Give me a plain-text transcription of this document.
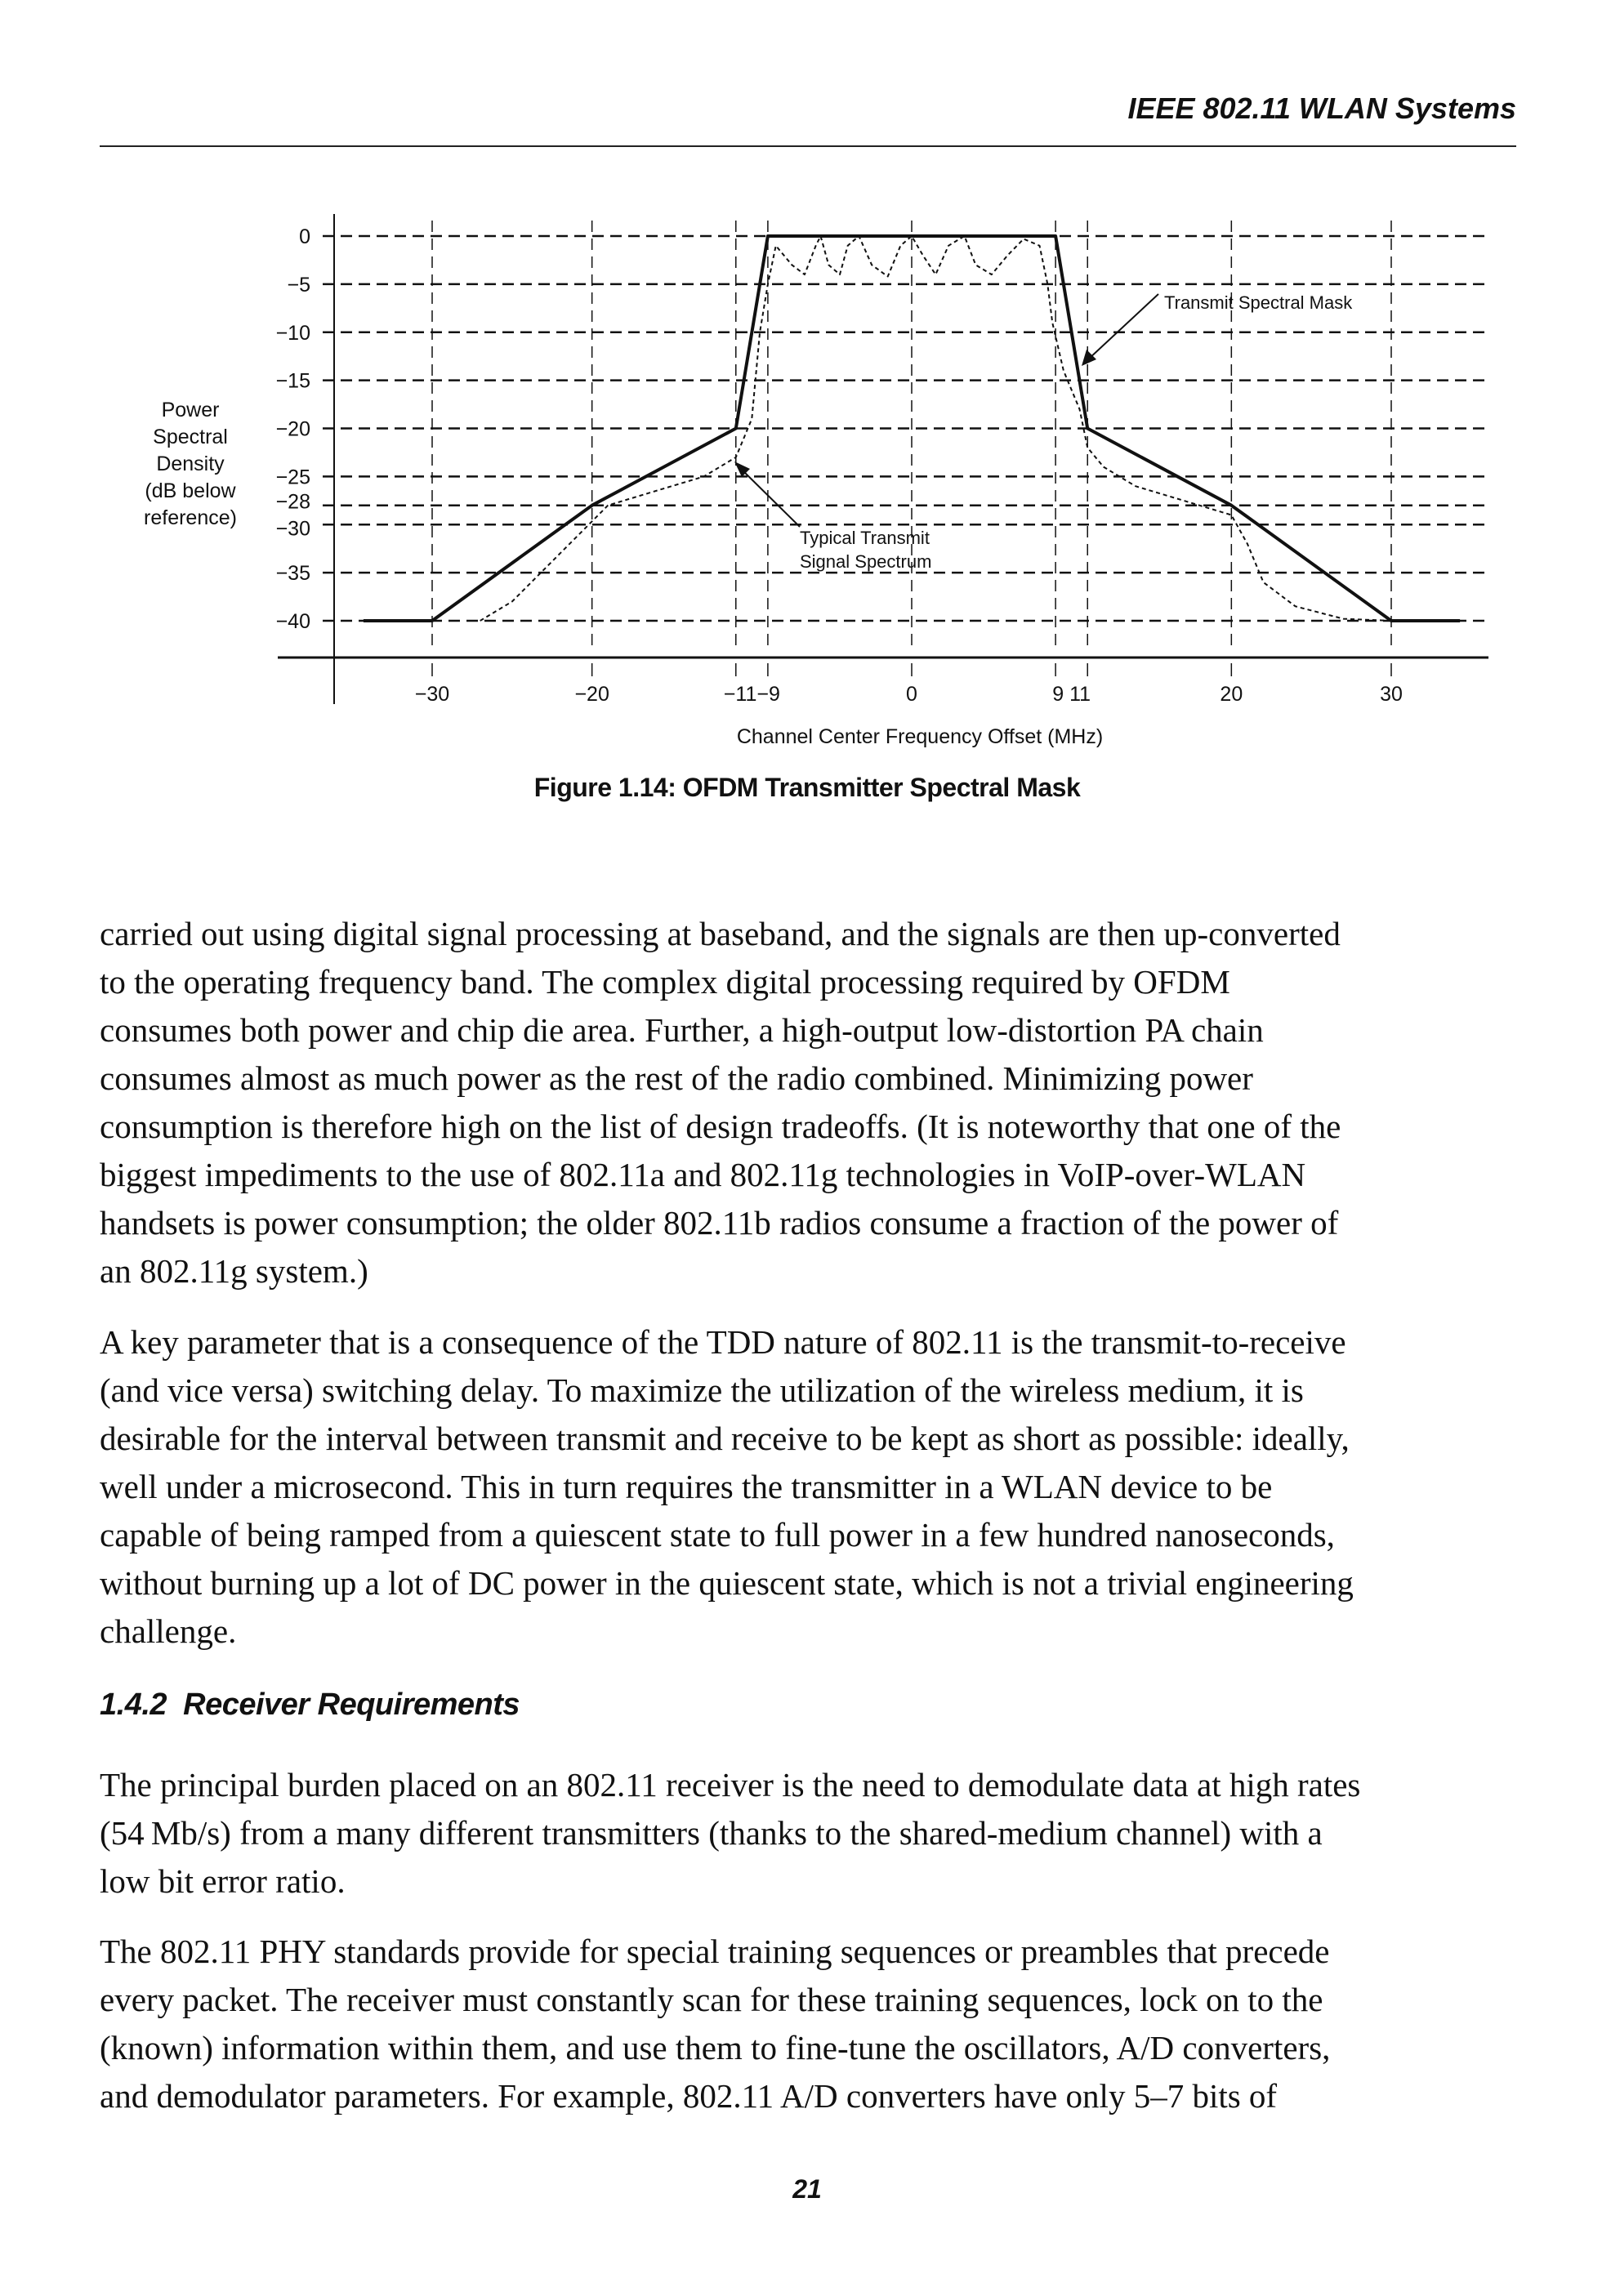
IEEE 802.11 WLAN Systems
0
−5
−10
−15
−20
−25
−28
−30
−35
−40
−30	−20	−11−9	0	9 11	20	30
Channel Center Frequency Offset (MHz)
Power
Spectral
Density
(dB below
reference)
Transmit Spectral Mask
Typical Transmit
Signal Spectrum
Figure 1.14: OFDM Transmitter Spectral Mask
carried out using digital signal processing at baseband, and the signals are then up-converted
to the operating frequency band. The complex digital processing required by OFDM
consumes both power and chip die area. Further, a high-output low-distortion PA chain
consumes almost as much power as the rest of the radio combined. Minimizing power
consumption is therefore high on the list of design tradeoffs. (It is noteworthy that one of the
biggest impediments to the use of 802.11a and 802.11g technologies in VoIP-over-WLAN
handsets is power consumption; the older 802.11b radios consume a fraction of the power of
an 802.11g system.)
A key parameter that is a consequence of the TDD nature of 802.11 is the transmit-to-receive
(and vice versa) switching delay. To maximize the utilization of the wireless medium, it is
desirable for the interval between transmit and receive to be kept as short as possible: ideally,
well under a microsecond. This in turn requires the transmitter in a WLAN device to be
capable of being ramped from a quiescent state to full power in a few hundred nanoseconds,
without burning up a lot of DC power in the quiescent state, which is not a trivial engineering
challenge.
1.4.2  Receiver Requirements
The principal burden placed on an 802.11 receiver is the need to demodulate data at high rates
(54 Mb/s) from a many different transmitters (thanks to the shared-medium channel) with a
low bit error ratio.
The 802.11 PHY standards provide for special training sequences or preambles that precede
every packet. The receiver must constantly scan for these training sequences, lock on to the
(known) information within them, and use them to fine-tune the oscillators, A/D converters,
and demodulator parameters. For example, 802.11 A/D converters have only 5–7 bits of
21
